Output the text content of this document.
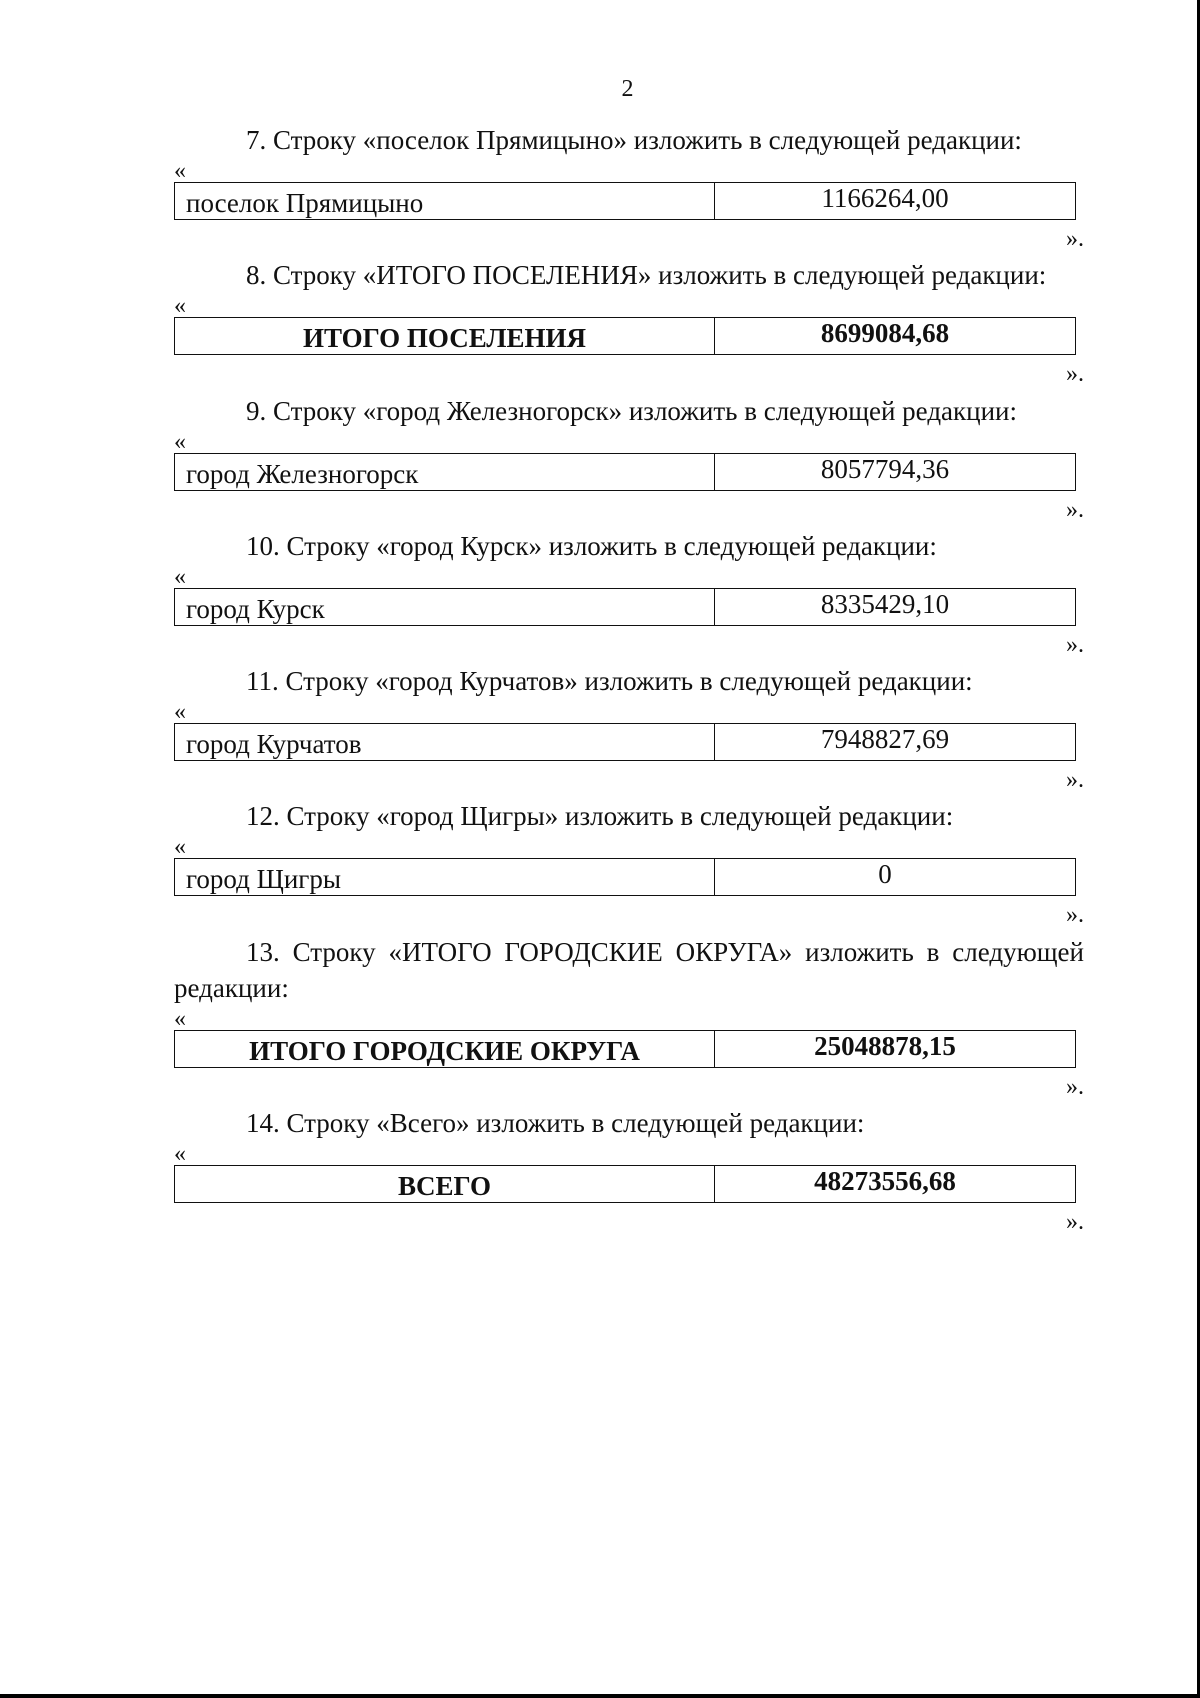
2
7. Строку «поселок Прямицыно» изложить в следующей редакции:
«
поселок Прямицыно	1166264,00
».
8. Строку «ИТОГО ПОСЕЛЕНИЯ» изложить в следующей редакции:
«
ИТОГО ПОСЕЛЕНИЯ	8699084,68
».
9. Строку «город Железногорск» изложить в следующей редакции:
«
город Железногорск	8057794,36
».
10. Строку «город Курск» изложить в следующей редакции:
«
город Курск	8335429,10
».
11. Строку «город Курчатов» изложить в следующей редакции:
«
город Курчатов	7948827,69
».
12. Строку «город Щигры» изложить в следующей редакции:
«
город Щигры	0
».
13. Строку «ИТОГО ГОРОДСКИЕ ОКРУГА» изложить в следующей редакции:
«
ИТОГО ГОРОДСКИЕ ОКРУГА	25048878,15
».
14. Строку «Всего» изложить в следующей редакции:
«
ВСЕГО	48273556,68
».
